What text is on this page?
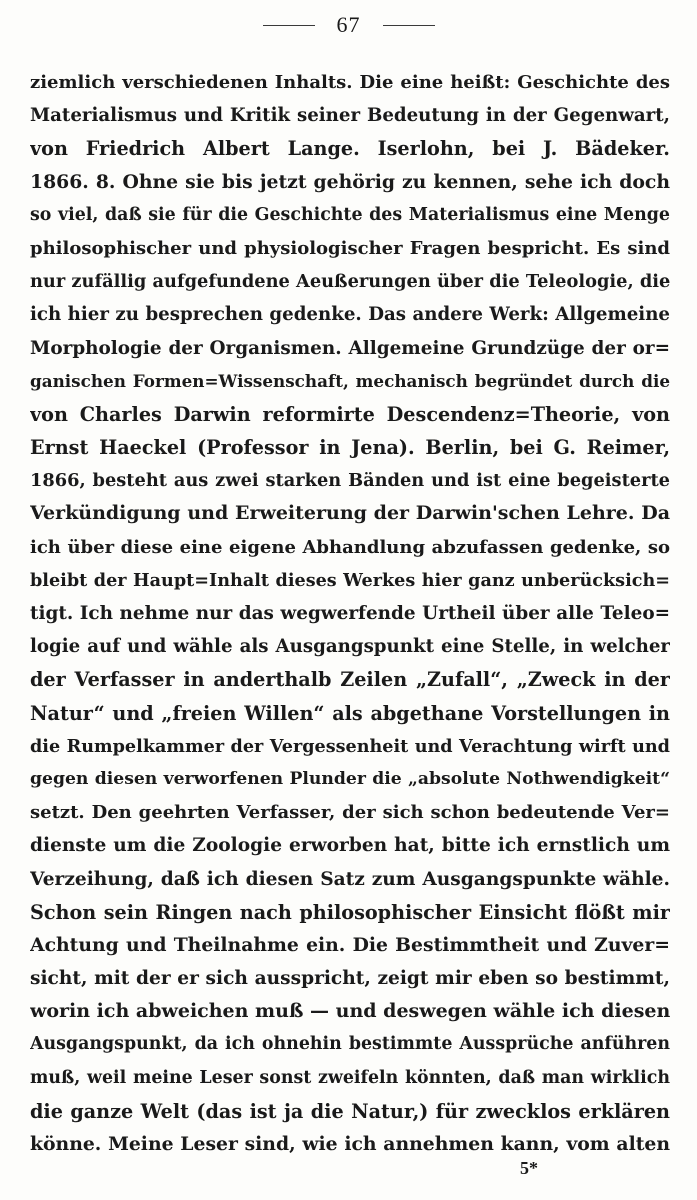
67
ziemlich verschiedenen Inhalts. Die eine heißt: Geschichte des
Materialismus und Kritik seiner Bedeutung in der Gegenwart,
von Friedrich Albert Lange. Iserlohn, bei J. Bädeker.
1866. 8. Ohne sie bis jetzt gehörig zu kennen, sehe ich doch
so viel, daß sie für die Geschichte des Materialismus eine Menge
philosophischer und physiologischer Fragen bespricht. Es sind
nur zufällig aufgefundene Aeußerungen über die Teleologie, die
ich hier zu besprechen gedenke. Das andere Werk: Allgemeine
Morphologie der Organismen. Allgemeine Grundzüge der or=
ganischen Formen=Wissenschaft, mechanisch begründet durch die
von Charles Darwin reformirte Descendenz=Theorie, von
Ernst Haeckel (Professor in Jena). Berlin, bei G. Reimer,
1866, besteht aus zwei starken Bänden und ist eine begeisterte
Verkündigung und Erweiterung der Darwin'schen Lehre. Da
ich über diese eine eigene Abhandlung abzufassen gedenke, so
bleibt der Haupt=Inhalt dieses Werkes hier ganz unberücksich=
tigt. Ich nehme nur das wegwerfende Urtheil über alle Teleo=
logie auf und wähle als Ausgangspunkt eine Stelle, in welcher
der Verfasser in anderthalb Zeilen „Zufall“, „Zweck in der
Natur“ und „freien Willen“ als abgethane Vorstellungen in
die Rumpelkammer der Vergessenheit und Verachtung wirft und
gegen diesen verworfenen Plunder die „absolute Nothwendigkeit“
setzt. Den geehrten Verfasser, der sich schon bedeutende Ver=
dienste um die Zoologie erworben hat, bitte ich ernstlich um
Verzeihung, daß ich diesen Satz zum Ausgangspunkte wähle.
Schon sein Ringen nach philosophischer Einsicht flößt mir
Achtung und Theilnahme ein. Die Bestimmtheit und Zuver=
sicht, mit der er sich ausspricht, zeigt mir eben so bestimmt,
worin ich abweichen muß — und deswegen wähle ich diesen
Ausgangspunkt, da ich ohnehin bestimmte Aussprüche anführen
muß, weil meine Leser sonst zweifeln könnten, daß man wirklich
die ganze Welt (das ist ja die Natur,) für zwecklos erklären
könne. Meine Leser sind, wie ich annehmen kann, vom alten
5*
